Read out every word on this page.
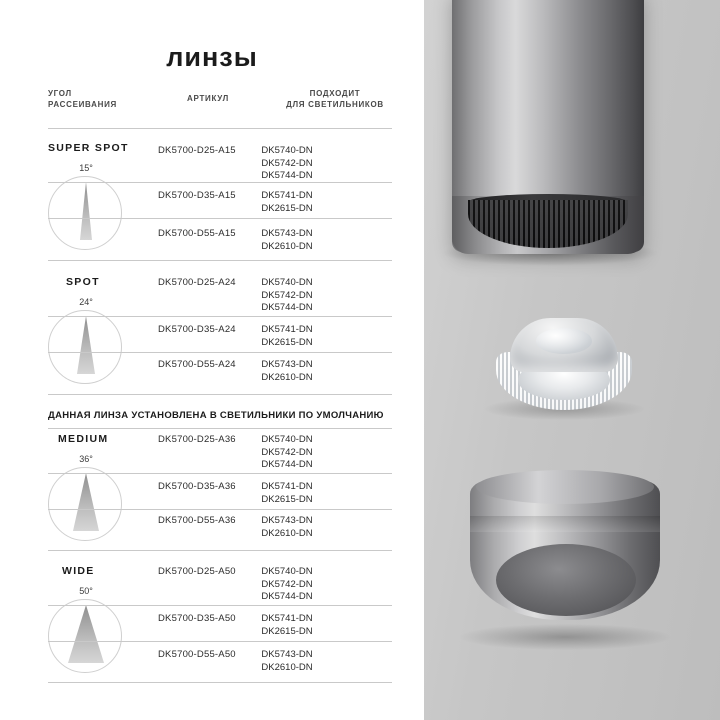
линзы
УГОЛ
РАССЕИВАНИЯ
АРТИКУЛ
ПОДХОДИТ
ДЛЯ СВЕТИЛЬНИКОВ
SUPER SPOT
15°
DK5700-D25-A15	DK5740-DN
DK5742-DN
DK5744-DN
DK5700-D35-A15	DK5741-DN
DK2615-DN
DK5700-D55-A15	DK5743-DN
DK2610-DN
SPOT
24°
DK5700-D25-A24	DK5740-DN
DK5742-DN
DK5744-DN
DK5700-D35-A24	DK5741-DN
DK2615-DN
DK5700-D55-A24	DK5743-DN
DK2610-DN
ДАННАЯ ЛИНЗА УСТАНОВЛЕНА В СВЕТИЛЬНИКИ ПО УМОЛЧАНИЮ
MEDIUM
36°
DK5700-D25-A36	DK5740-DN
DK5742-DN
DK5744-DN
DK5700-D35-A36	DK5741-DN
DK2615-DN
DK5700-D55-A36	DK5743-DN
DK2610-DN
WIDE
50°
DK5700-D25-A50	DK5740-DN
DK5742-DN
DK5744-DN
DK5700-D35-A50	DK5741-DN
DK2615-DN
DK5700-D55-A50	DK5743-DN
DK2610-DN
